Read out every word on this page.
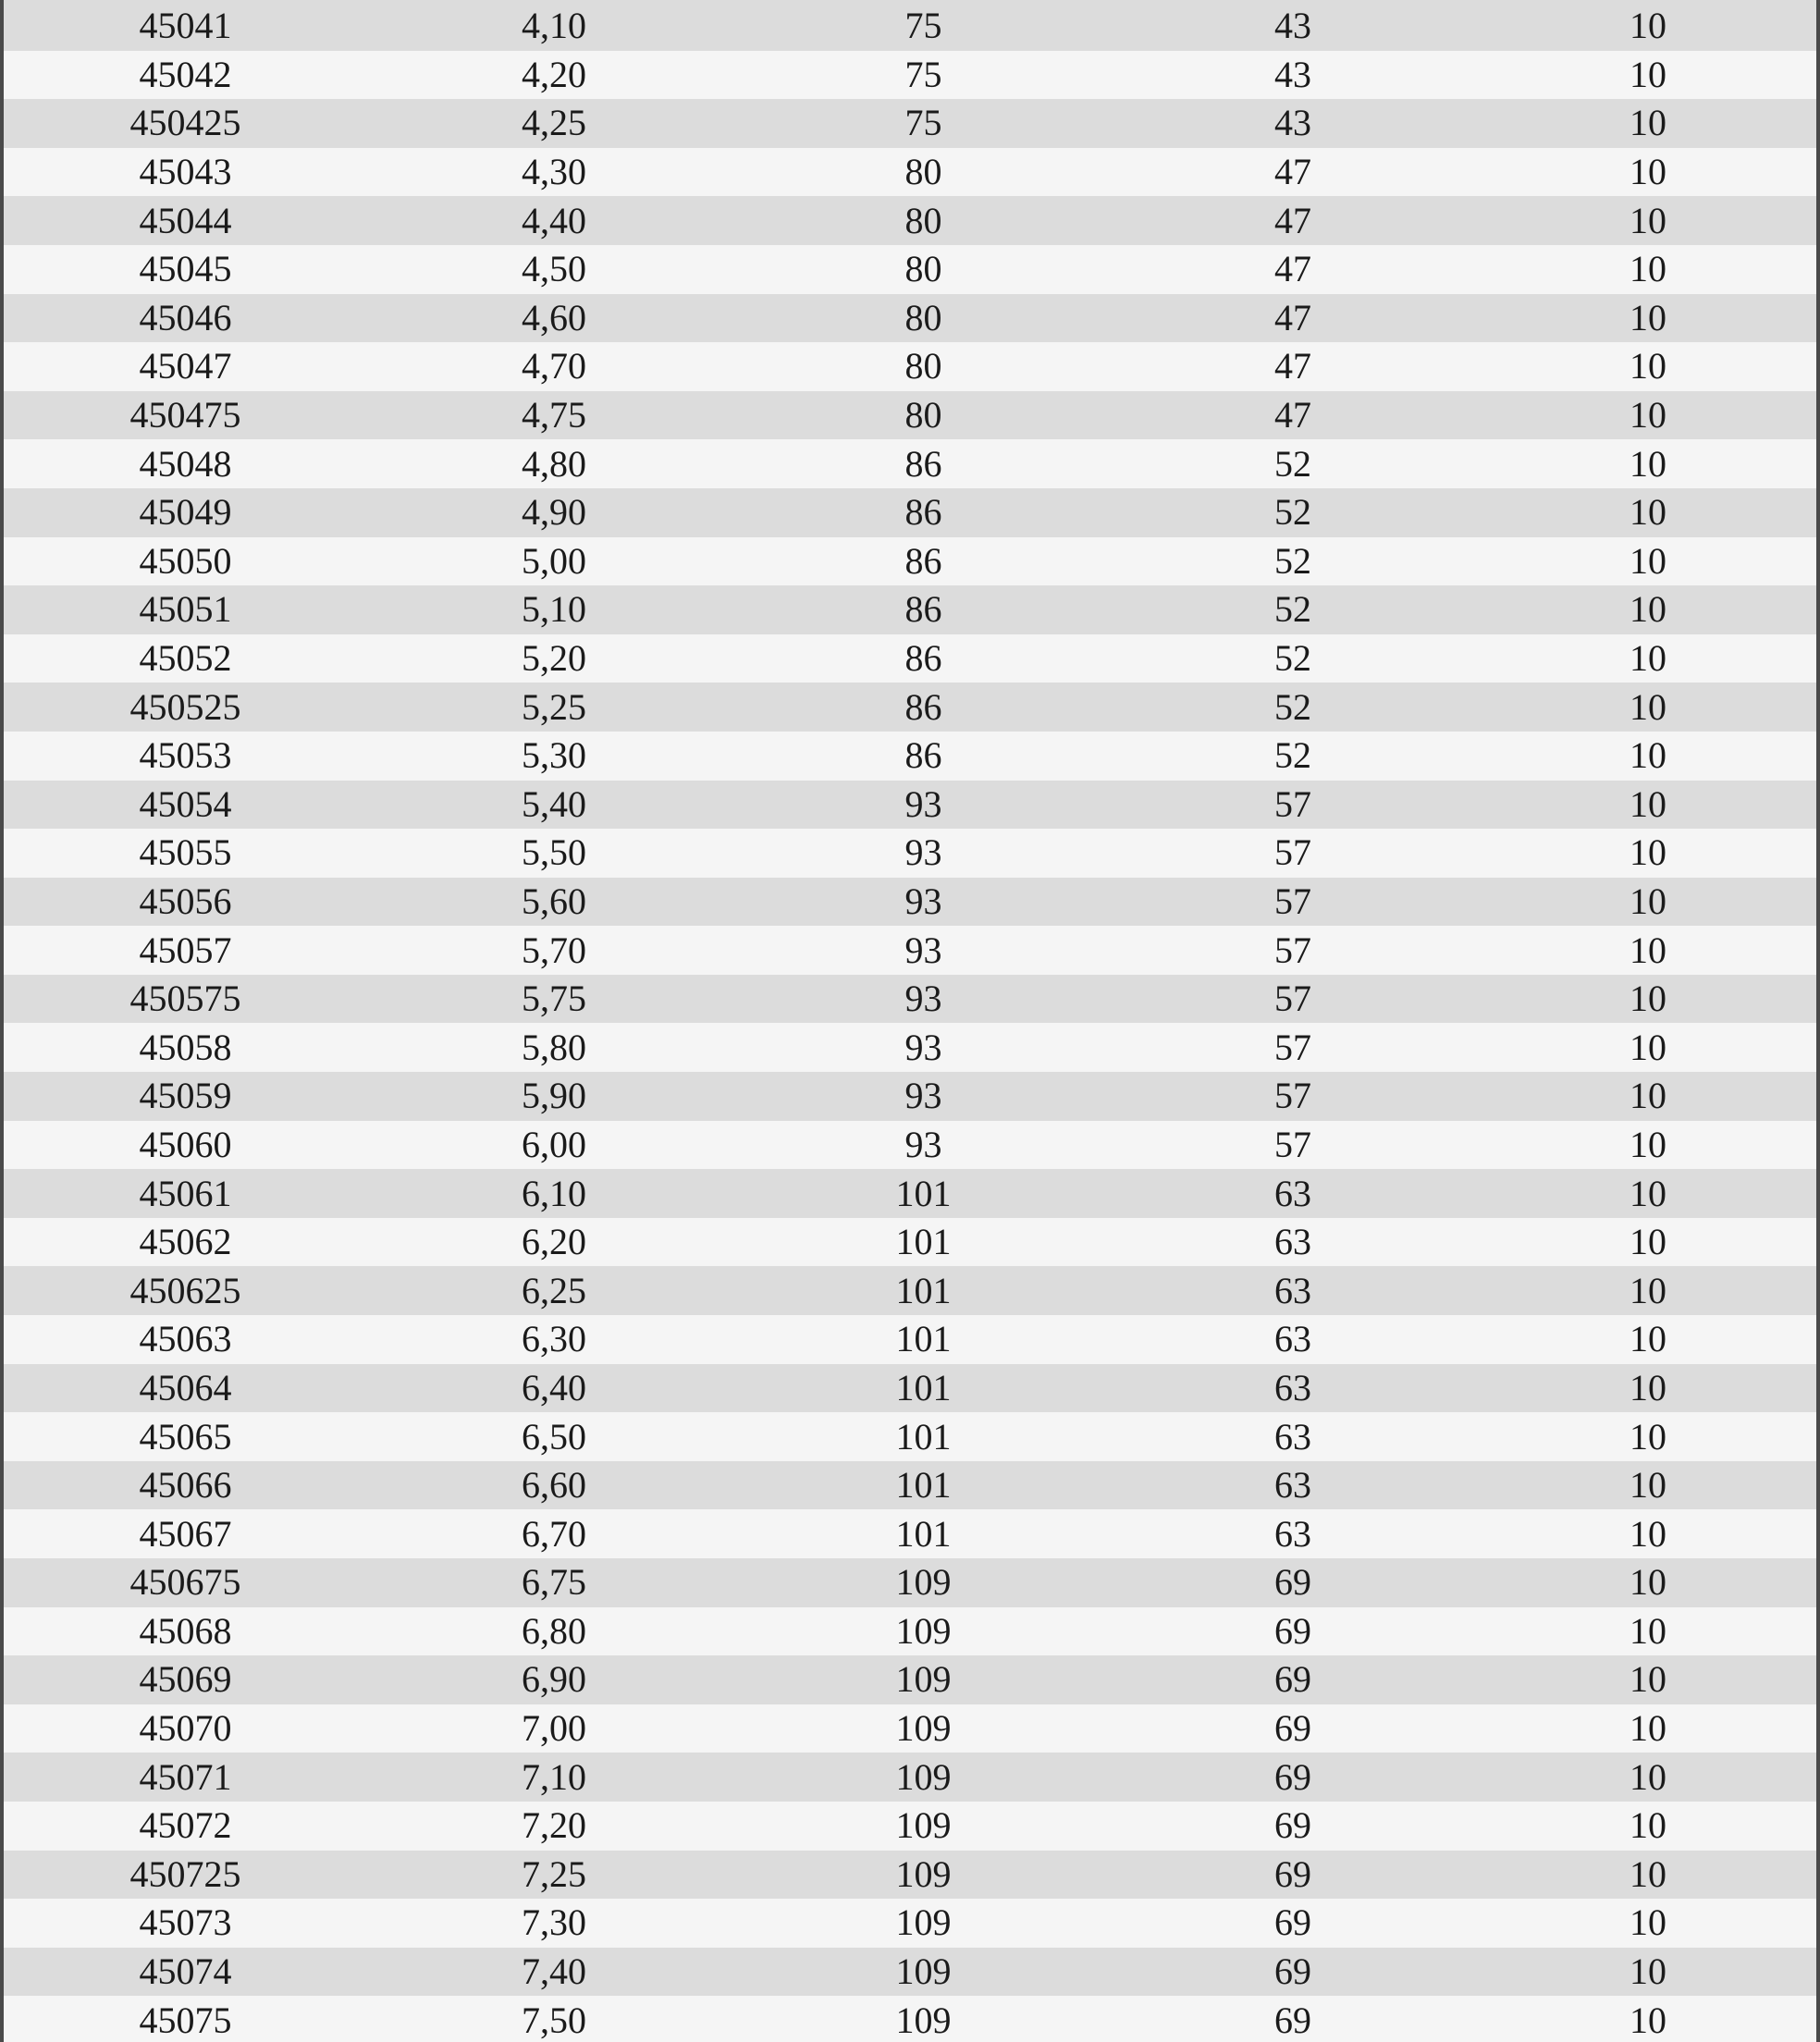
45041	4,10	75	43	10
45042	4,20	75	43	10
450425	4,25	75	43	10
45043	4,30	80	47	10
45044	4,40	80	47	10
45045	4,50	80	47	10
45046	4,60	80	47	10
45047	4,70	80	47	10
450475	4,75	80	47	10
45048	4,80	86	52	10
45049	4,90	86	52	10
45050	5,00	86	52	10
45051	5,10	86	52	10
45052	5,20	86	52	10
450525	5,25	86	52	10
45053	5,30	86	52	10
45054	5,40	93	57	10
45055	5,50	93	57	10
45056	5,60	93	57	10
45057	5,70	93	57	10
450575	5,75	93	57	10
45058	5,80	93	57	10
45059	5,90	93	57	10
45060	6,00	93	57	10
45061	6,10	101	63	10
45062	6,20	101	63	10
450625	6,25	101	63	10
45063	6,30	101	63	10
45064	6,40	101	63	10
45065	6,50	101	63	10
45066	6,60	101	63	10
45067	6,70	101	63	10
450675	6,75	109	69	10
45068	6,80	109	69	10
45069	6,90	109	69	10
45070	7,00	109	69	10
45071	7,10	109	69	10
45072	7,20	109	69	10
450725	7,25	109	69	10
45073	7,30	109	69	10
45074	7,40	109	69	10
45075	7,50	109	69	10
